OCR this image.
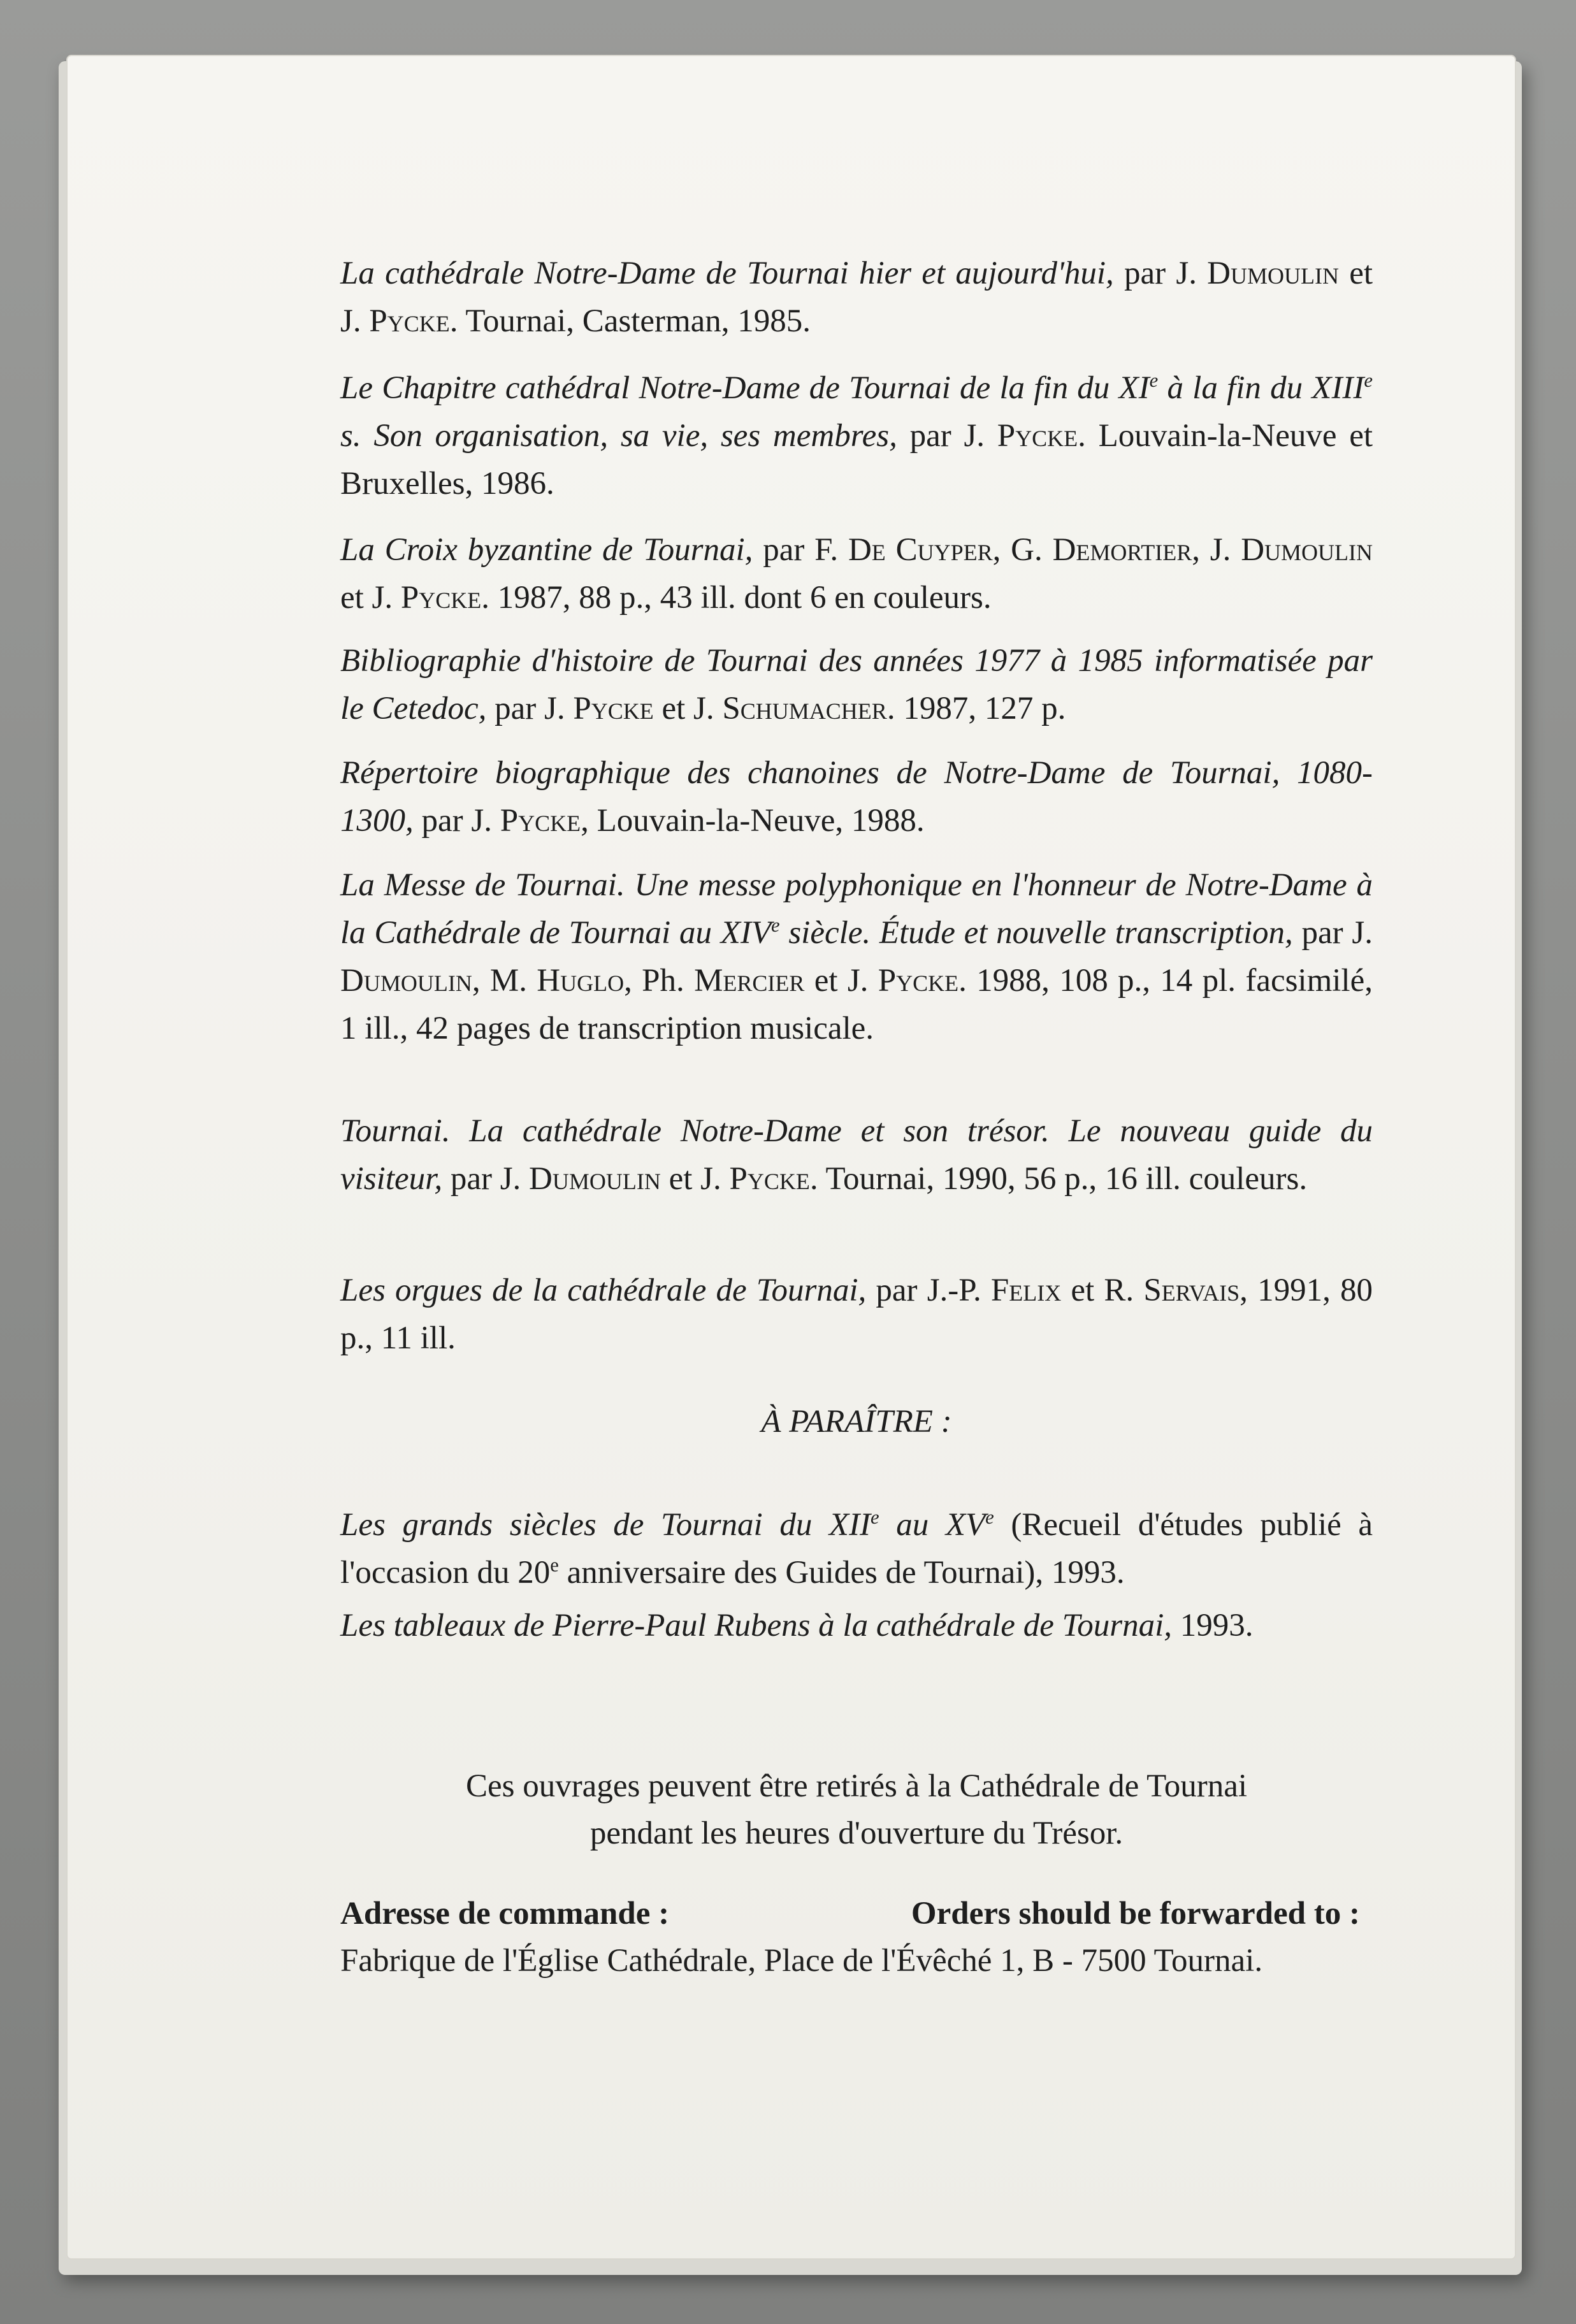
La cathédrale Notre-Dame de Tournai hier et aujourd'hui, par J. Dumoulin et J. Pycke. Tournai, Casterman, 1985.
Le Chapitre cathédral Notre-Dame de Tournai de la fin du XIe à la fin du XIIIe s. Son organisation, sa vie, ses membres, par J. Pycke. Louvain-la-Neuve et Bruxelles, 1986.
La Croix byzantine de Tournai, par F. De Cuyper, G. Demortier, J. Dumoulin et J. Pycke. 1987, 88 p., 43 ill. dont 6 en couleurs.
Bibliographie d'histoire de Tournai des années 1977 à 1985 informatisée par le Cetedoc, par J. Pycke et J. Schumacher. 1987, 127 p.
Répertoire biographique des chanoines de Notre-Dame de Tournai, 1080-1300, par J. Pycke, Louvain-la-Neuve, 1988.
La Messe de Tournai. Une messe polyphonique en l'honneur de Notre-Dame à la Cathédrale de Tournai au XIVe siècle. Étude et nouvelle transcription, par J. Dumoulin, M. Huglo, Ph. Mercier et J. Pycke. 1988, 108 p., 14 pl. facsimilé, 1 ill., 42 pages de transcription musicale.
Tournai. La cathédrale Notre-Dame et son trésor. Le nouveau guide du visiteur, par J. Dumoulin et J. Pycke. Tournai, 1990, 56 p., 16 ill. couleurs.
Les orgues de la cathédrale de Tournai, par J.-P. Felix et R. Servais, 1991, 80 p., 11 ill.
À PARAÎTRE :
Les grands siècles de Tournai du XIIe au XVe (Recueil d'études publié à l'occasion du 20e anniversaire des Guides de Tournai), 1993.
Les tableaux de Pierre-Paul Rubens à la cathédrale de Tournai, 1993.
Ces ouvrages peuvent être retirés à la Cathédrale de Tournai
pendant les heures d'ouverture du Trésor.
Adresse de commande :	Orders should be forwarded to :
Fabrique de l'Église Cathédrale, Place de l'Évêché 1, B - 7500 Tournai.
